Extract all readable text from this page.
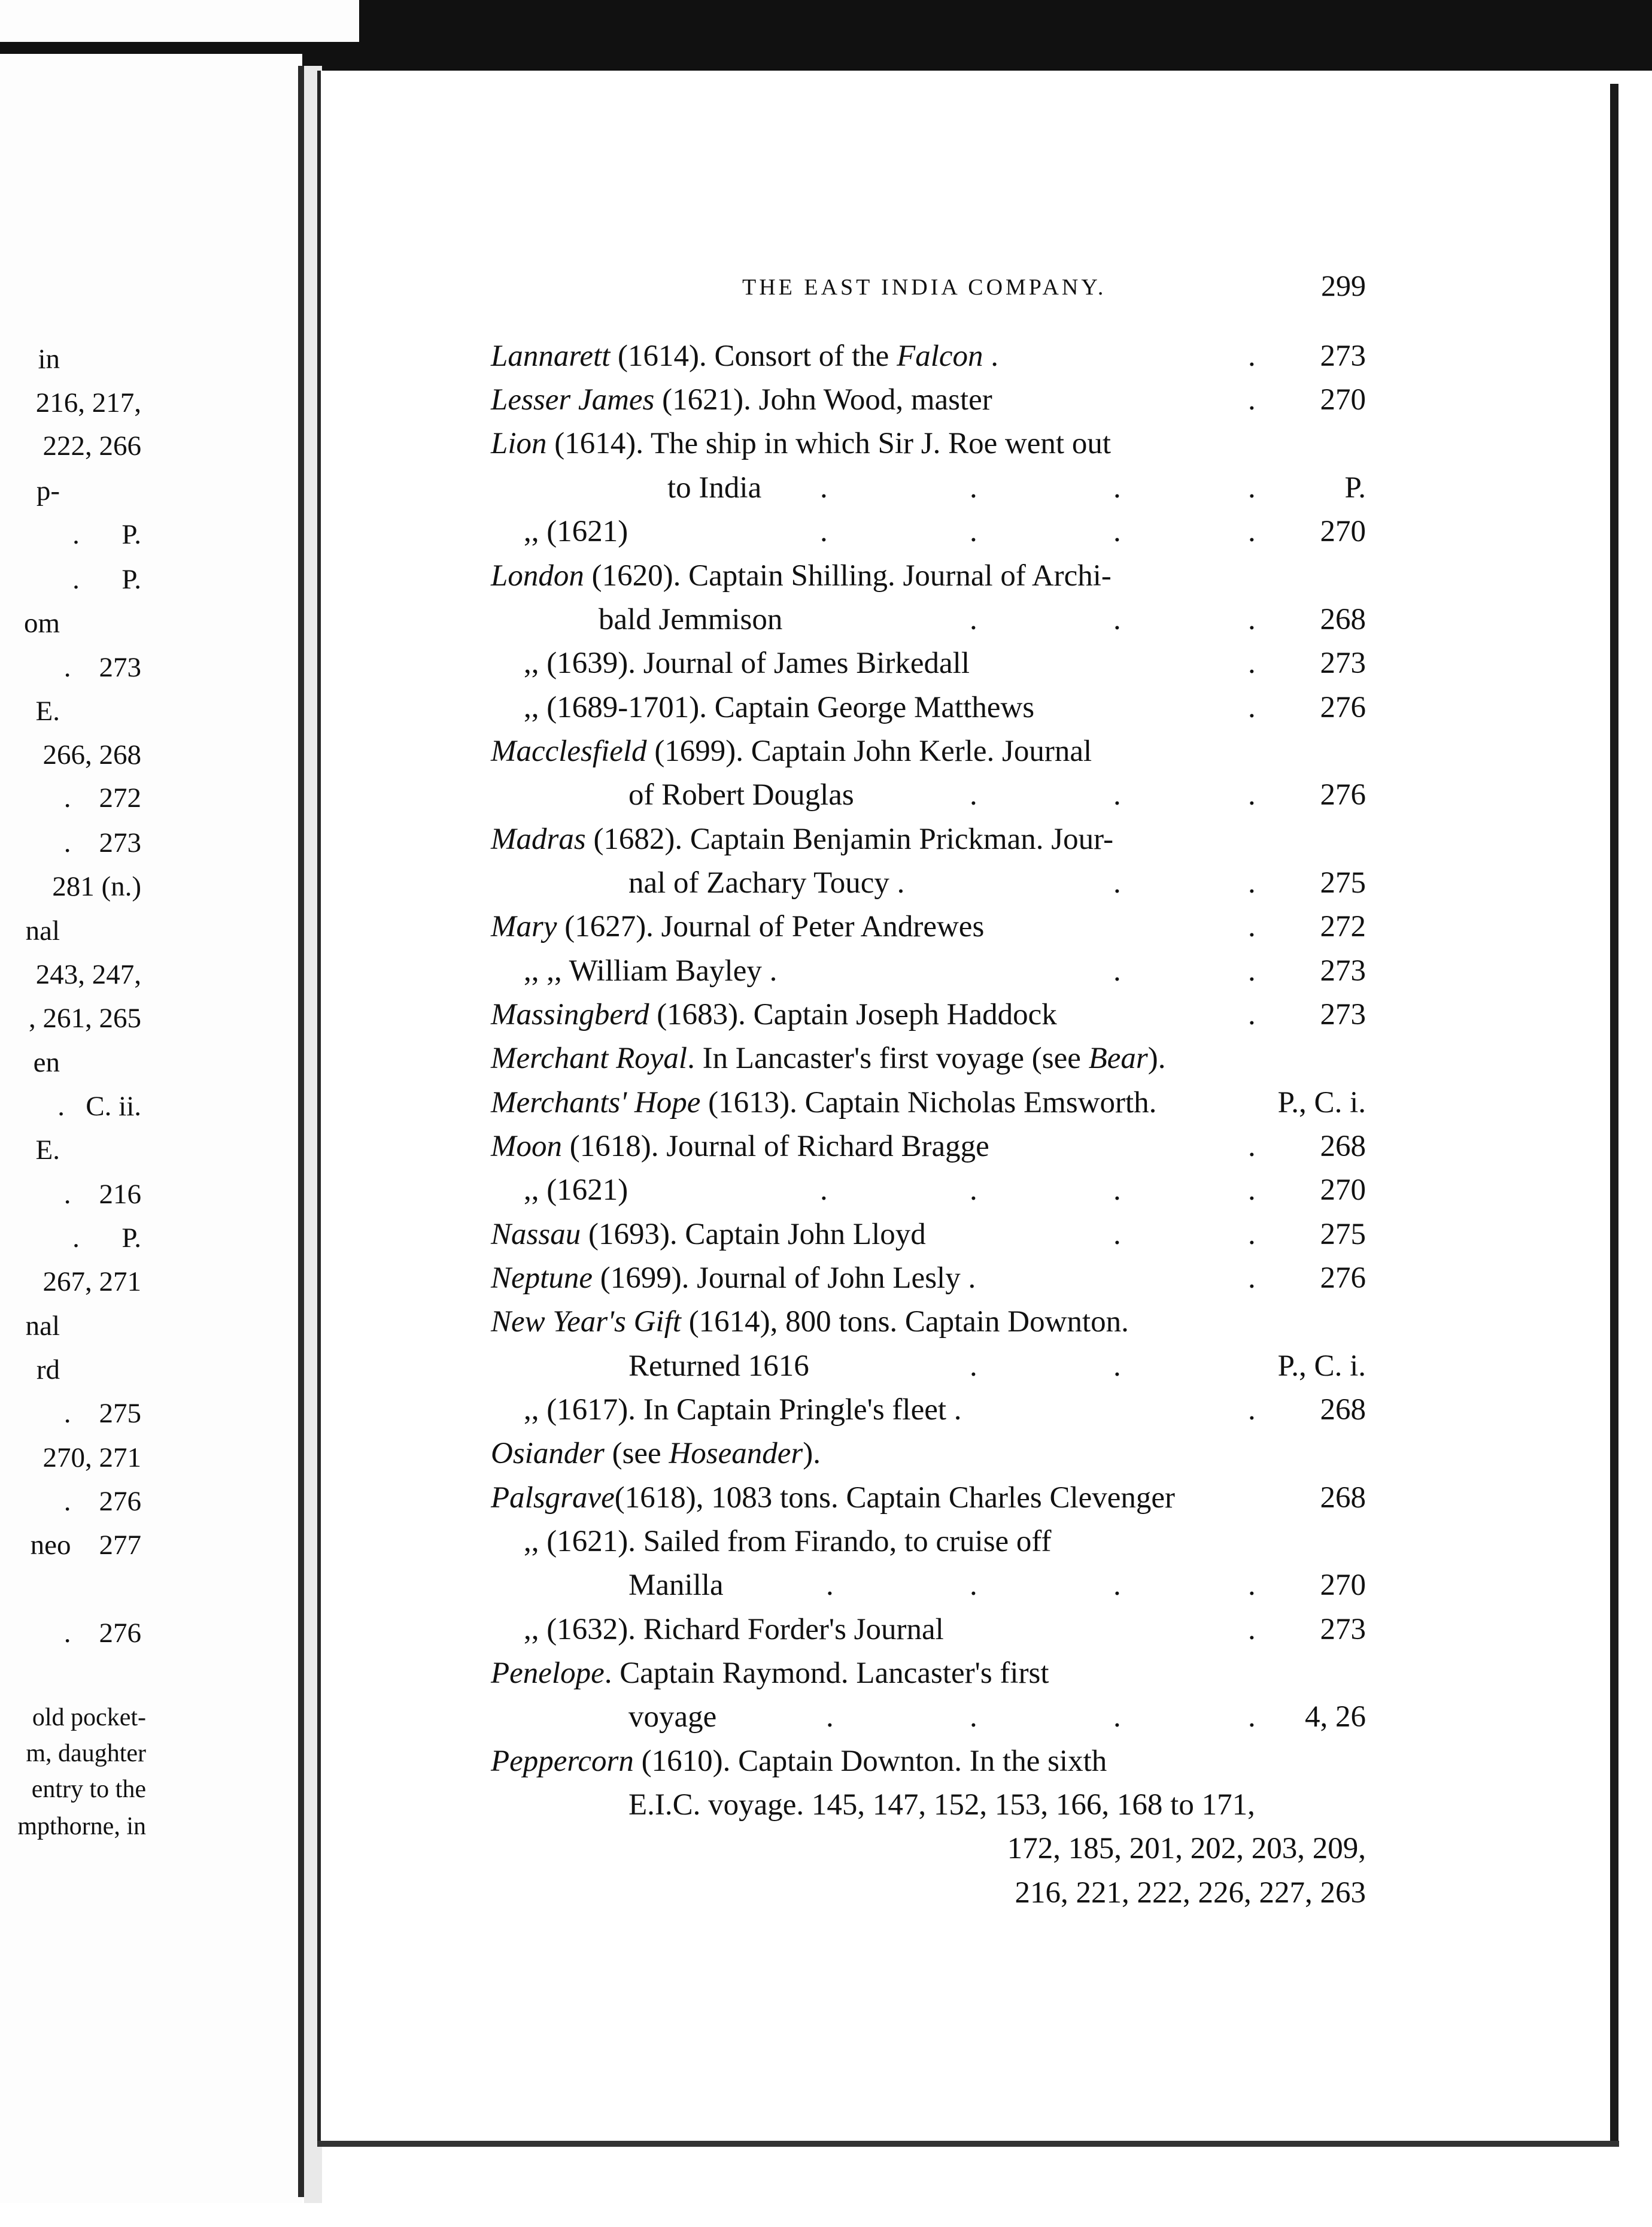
THE EAST INDIA COMPANY.	299
Lannarett (1614). Consort of the Falcon .	. 273
Lesser James (1621). John Wood, master	. 270
Lion (1614). The ship in which Sir J. Roe went out
to India .	.	.	.	P.
,, (1621)	.	.	.	. 270
London (1620). Captain Shilling. Journal of Archi-
bald Jemmison	.	.	. 268
,, (1639). Journal of James Birkedall	. 273
,, (1689-1701). Captain George Matthews	. 276
Macclesfield (1699). Captain John Kerle. Journal
of Robert Douglas	.	.	. 276
Madras (1682). Captain Benjamin Prickman. Jour-
nal of Zachary Toucy .	.	. 275
Mary (1627). Journal of Peter Andrewes	. 272
,, ,, William Bayley .	.	. 273
Massingberd (1683). Captain Joseph Haddock	. 273
Merchant Royal. In Lancaster's first voyage (see Bear).
Merchants' Hope (1613). Captain Nicholas Emsworth.	P., C. i.
Moon (1618). Journal of Richard Bragge	. 268
,, (1621)	.	.	.	. 270
Nassau (1693). Captain John Lloyd	.	. 275
Neptune (1699). Journal of John Lesly .	. 276
New Year's Gift (1614), 800 tons. Captain Downton.
Returned 1616	.	.	P., C. i.
,, (1617). In Captain Pringle's fleet .	. 268
Osiander (see Hoseander).
Palsgrave(1618), 1083 tons. Captain Charles Clevenger	268
,, (1621). Sailed from Firando, to cruise off
Manilla	.	.	.	. 270
,, (1632). Richard Forder's Journal	. 273
Penelope. Captain Raymond. Lancaster's first
voyage	.	.	.	. 4, 26
Peppercorn (1610). Captain Downton. In the sixth
E.I.C. voyage. 145, 147, 152, 153, 166, 168 to 171,
172, 185, 201, 202, 203, 209,
216, 221, 222, 226, 227, 263
in
216, 217,
222, 266
p-
.      P.
.      P.
om
.    273
E.
266, 268
.    272
.    273
281 (n.)
nal
243, 247,
, 261, 265
en
.   C. ii.
E.
.    216
.      P.
267, 271
nal
rd
.    275
270, 271
.    276
neo    277
.    276
old pocket-
m, daughter
entry to the
mpthorne, in
